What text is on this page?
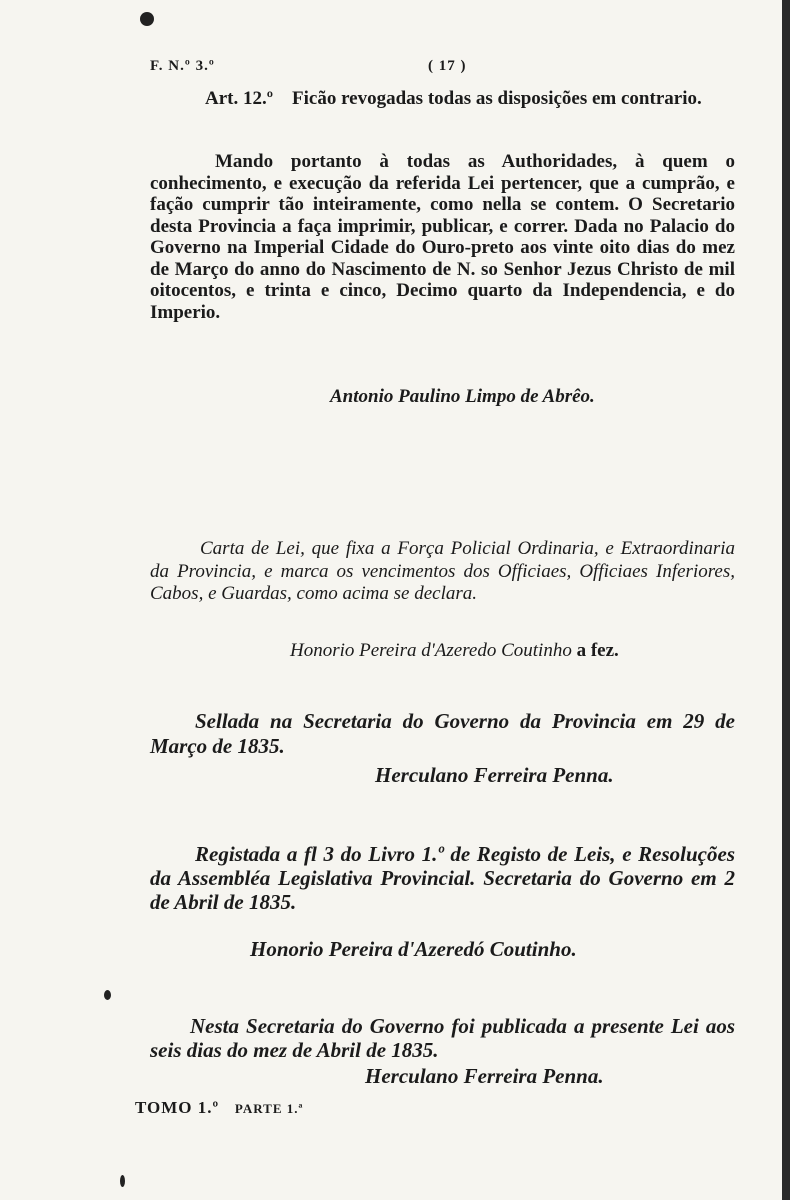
F. N.º 3.º	( 17 )
Art. 12.º Ficão revogadas todas as disposições em contrario.
Mando portanto à todas as Authoridades, à quem o conhecimento, e execução da referida Lei pertencer, que a cumprão, e fação cumprir tão inteiramente, como nella se contem. O Secretario desta Provincia a faça imprimir, publicar, e correr. Dada no Palacio do Governo na Imperial Cidade do Ouro-preto aos vinte oito dias do mez de Março do anno do Nascimento de N. so Senhor Jezus Christo de mil oitocentos, e trinta e cinco, Decimo quarto da Independencia, e do Imperio.
Antonio Paulino Limpo de Abrêo.
Carta de Lei, que fixa a Força Policial Ordinaria, e Extraordinaria da Provincia, e marca os vencimentos dos Officiaes, Officiaes Inferiores, Cabos, e Guardas, como acima se declara.
Honorio Pereira d'Azeredo Coutinho a fez.
Sellada na Secretaria do Governo da Provincia em 29 de Março de 1835.
Herculano Ferreira Penna.
Registada a fl 3 do Livro 1.º de Registo de Leis, e Resoluções da Assembléa Legislativa Provincial. Secretaria do Governo em 2 de Abril de 1835.
Honorio Pereira d'Azeredó Coutinho.
Nesta Secretaria do Governo foi publicada a presente Lei aos seis dias do mez de Abril de 1835.
Herculano Ferreira Penna.
TOMO 1.º PARTE 1.ª
